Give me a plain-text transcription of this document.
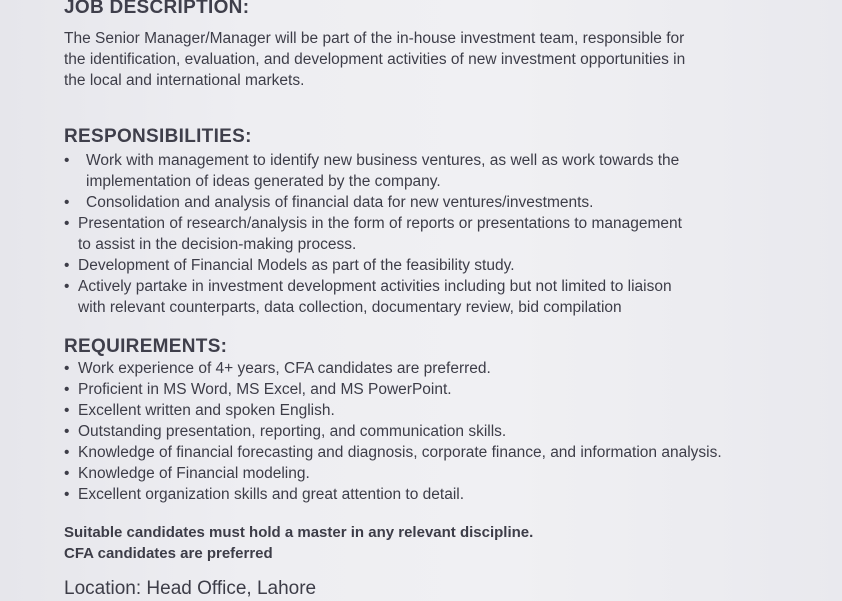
JOB DESCRIPTION:

The Senior Manager/Manager will be part of the in-house investment team, responsible for
the identification, evaluation, and development activities of new investment opportunities in
the local and international markets.

RESPONSIBILITIES:
• Work with management to identify new business ventures, as well as work towards the
implementation of ideas generated by the company.
• Consolidation and analysis of financial data for new ventures/investments.
• Presentation of research/analysis in the form of reports or presentations to management
to assist in the decision-making process.
• Development of Financial Models as part of the feasibility study.
• Actively partake in investment development activities including but not limited to liaison
with relevant counterparts, data collection, documentary review, bid compilation
REQUIREMENTS:
• Work experience of 4+ years, CFA candidates are preferred.
• Proficient in MS Word, MS Excel, and MS PowerPoint.
• Excellent written and spoken English.
• Outstanding presentation, reporting, and communication skills.
• Knowledge of financial forecasting and diagnosis, corporate finance, and information analysis.
• Knowledge of Financial modeling.
• Excellent organization skills and great attention to detail.

Suitable candidates must hold a master in any relevant discipline.
CFA candidates are preferred

Location: Head Office, Lahore
